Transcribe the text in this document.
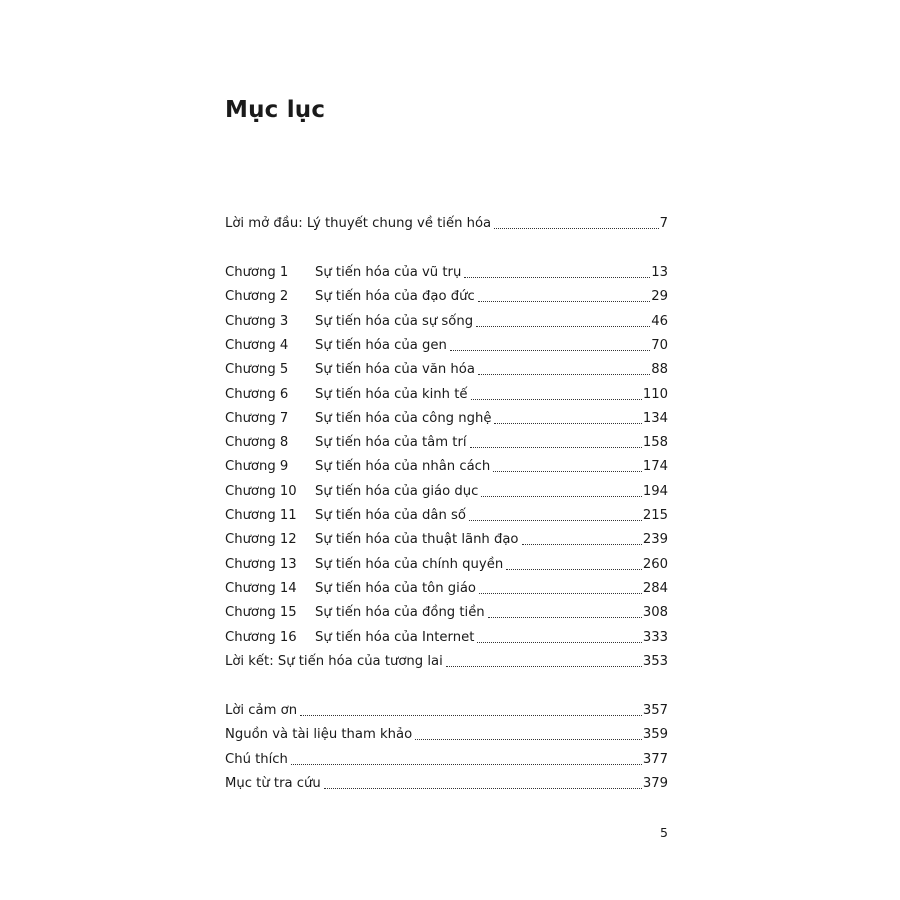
Mục lục
Lời mở đầu: Lý thuyết chung về tiến hóa	7
Chương 1	Sự tiến hóa của vũ trụ	13
Chương 2	Sự tiến hóa của đạo đức	29
Chương 3	Sự tiến hóa của sự sống	46
Chương 4	Sự tiến hóa của gen	70
Chương 5	Sự tiến hóa của văn hóa	88
Chương 6	Sự tiến hóa của kinh tế	110
Chương 7	Sự tiến hóa của công nghệ	134
Chương 8	Sự tiến hóa của tâm trí	158
Chương 9	Sự tiến hóa của nhân cách	174
Chương 10	Sự tiến hóa của giáo dục	194
Chương 11	Sự tiến hóa của dân số	215
Chương 12	Sự tiến hóa của thuật lãnh đạo	239
Chương 13	Sự tiến hóa của chính quyền	260
Chương 14	Sự tiến hóa của tôn giáo	284
Chương 15	Sự tiến hóa của đồng tiền	308
Chương 16	Sự tiến hóa của Internet	333
Lời kết: Sự tiến hóa của tương lai	353
Lời cảm ơn	357
Nguồn và tài liệu tham khảo	359
Chú thích	377
Mục từ tra cứu	379
5
